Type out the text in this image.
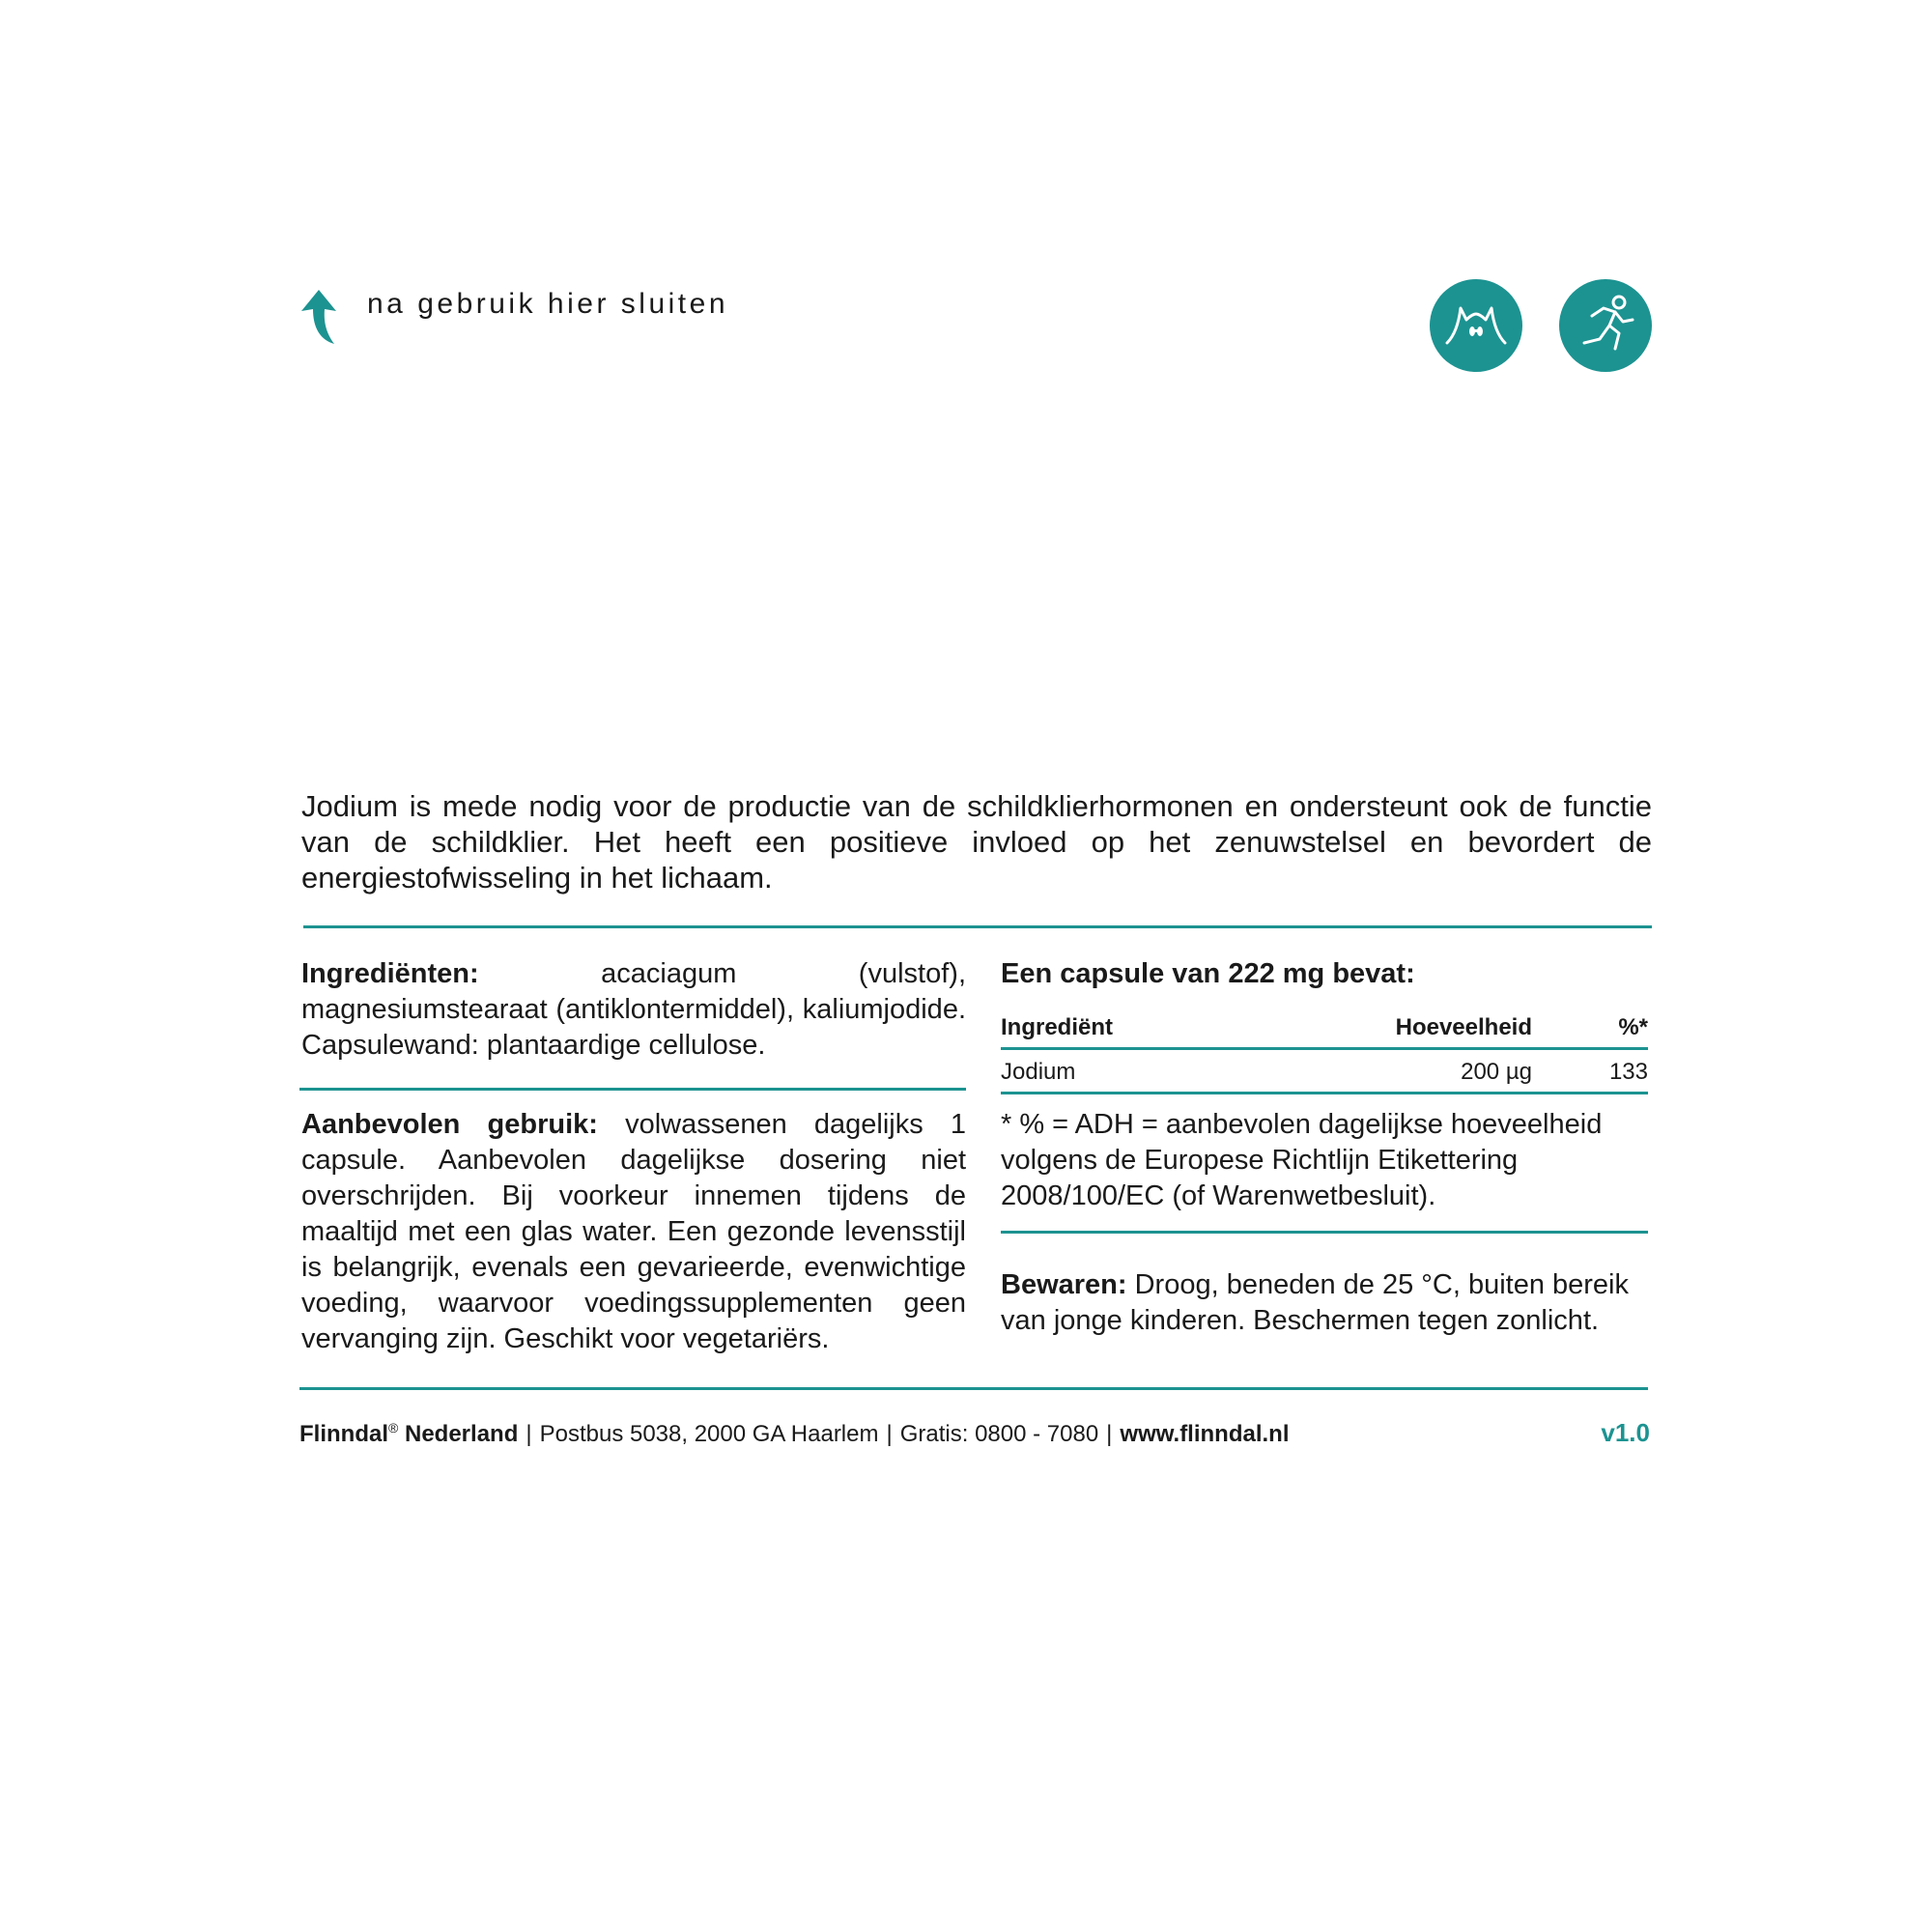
na gebruik hier sluiten
Jodium is mede nodig voor de productie van de schildklierhormonen en ondersteunt ook de functie van de schildklier. Het heeft een positieve invloed op het zenuwstelsel en bevordert de energiestofwisseling in het lichaam.
Ingrediënten: acaciagum (vulstof), magnesiumstearaat (antiklontermiddel), kaliumjodide. Capsulewand: plantaardige cellulose.
Aanbevolen gebruik: volwassenen dagelijks 1 capsule. Aanbevolen dagelijkse dosering niet overschrijden. Bij voorkeur innemen tijdens de maaltijd met een glas water. Een gezonde levensstijl is belangrijk, evenals een gevarieerde, evenwichtige voeding, waarvoor voedingssupplementen geen vervanging zijn. Geschikt voor vegetariërs.
Een capsule van 222 mg bevat:
Ingrediënt	Hoeveelheid	%*
Jodium	200 µg	133
* % = ADH = aanbevolen dagelijkse hoeveelheid volgens de Europese Richtlijn Etikettering 2008/100/EC (of Warenwetbesluit).
Bewaren: Droog, beneden de 25 °C, buiten bereik van jonge kinderen. Beschermen tegen zonlicht.
Flinndal® Nederland | Postbus 5038, 2000 GA Haarlem | Gratis: 0800 - 7080 | www.flinndal.nl	v1.0
